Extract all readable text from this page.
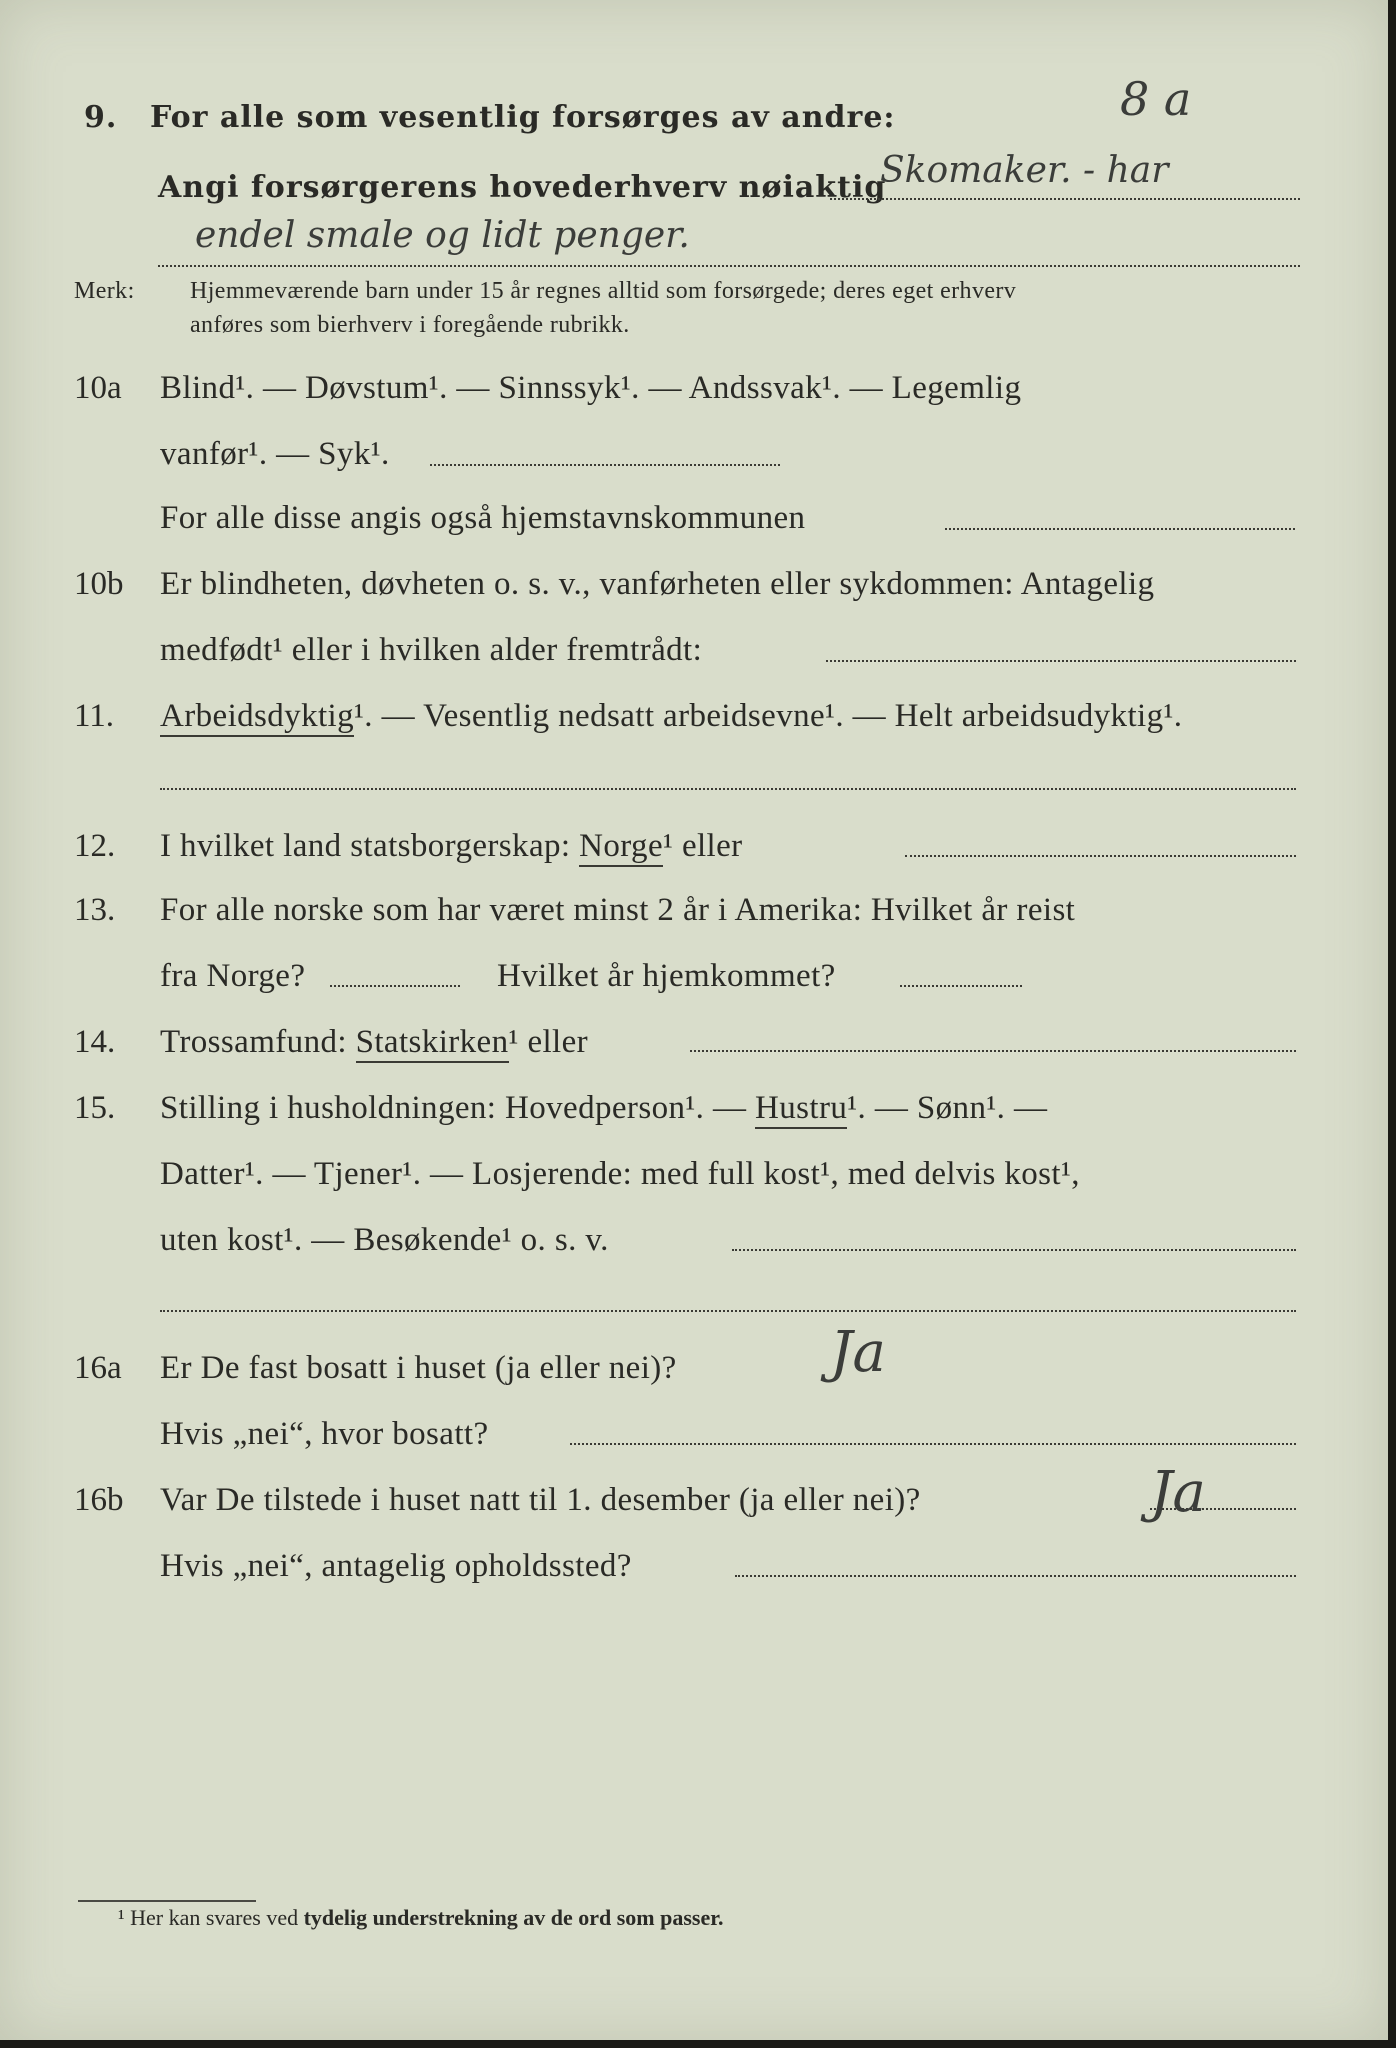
9. For alle som vesentlig forsørges av andre:	8 a
Angi forsørgerens hovederhverv nøiaktig
Skomaker. - har
endel smale og lidt penger.
Merk: Hjemmeværende barn under 15 år regnes alltid som forsørgede; deres eget erhverv
anføres som bierhverv i foregående rubrikk.
10a Blind¹. — Døvstum¹. — Sinnssyk¹. — Andssvak¹. — Legemlig
vanfør¹. — Syk¹.
For alle disse angis også hjemstavnskommunen
10b Er blindheten, døvheten o. s. v., vanførheten eller sykdommen: Antagelig
medfødt¹ eller i hvilken alder fremtrådt:
11. Arbeidsdyktig¹. — Vesentlig nedsatt arbeidsevne¹. — Helt arbeidsudyktig¹.
12. I hvilket land statsborgerskap: Norge¹ eller
13. For alle norske som har været minst 2 år i Amerika: Hvilket år reist
fra Norge?	Hvilket år hjemkommet?
14. Trossamfund: Statskirken¹ eller
15. Stilling i husholdningen: Hovedperson¹. — Hustru¹. — Sønn¹. —
Datter¹. — Tjener¹. — Losjerende: med full kost¹, med delvis kost¹,
uten kost¹. — Besøkende¹ o. s. v.
16a Er De fast bosatt i huset (ja eller nei)?	Ja
Hvis „nei“, hvor bosatt?
16b Var De tilstede i huset natt til 1. desember (ja eller nei)?	Ja
Hvis „nei“, antagelig opholdssted?
¹ Her kan svares ved tydelig understrekning av de ord som passer.
